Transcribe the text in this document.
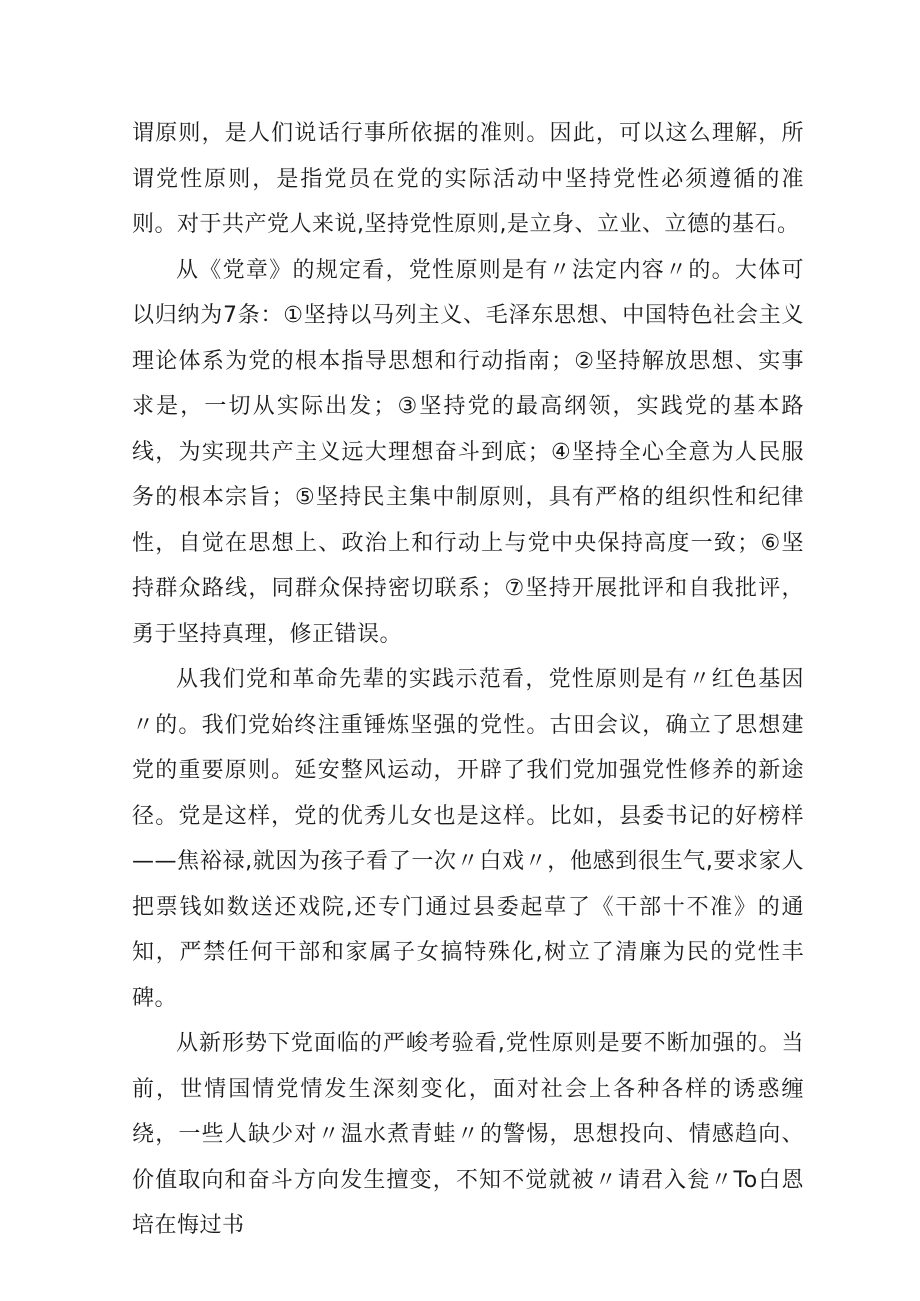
谓原则，是人们说话行事所依据的准则。因此，可以这么理解，所谓党性原则，是指党员在党的实际活动中坚持党性必须遵循的准则。对于共产党人来说,坚持党性原则,是立身、立业、立德的基石。

从《党章》的规定看，党性原则是有〃法定内容〃的。大体可以归纳为7条：①坚持以马列主义、毛泽东思想、中国特色社会主义理论体系为党的根本指导思想和行动指南；②坚持解放思想、实事求是，一切从实际出发；③坚持党的最高纲领，实践党的基本路线，为实现共产主义远大理想奋斗到底；④坚持全心全意为人民服务的根本宗旨；⑤坚持民主集中制原则，具有严格的组织性和纪律性，自觉在思想上、政治上和行动上与党中央保持高度一致；⑥坚持群众路线，同群众保持密切联系；⑦坚持开展批评和自我批评，勇于坚持真理，修正错误。

从我们党和革命先辈的实践示范看，党性原则是有〃红色基因〃的。我们党始终注重锤炼坚强的党性。古田会议，确立了思想建党的重要原则。延安整风运动，开辟了我们党加强党性修养的新途径。党是这样，党的优秀儿女也是这样。比如，县委书记的好榜样——焦裕禄,就因为孩子看了一次〃白戏〃，他感到很生气,要求家人把票钱如数送还戏院,还专门通过县委起草了《干部十不准》的通知，严禁任何干部和家属子女搞特殊化,树立了清廉为民的党性丰碑。

从新形势下党面临的严峻考验看,党性原则是要不断加强的。当前，世情国情党情发生深刻变化，面对社会上各种各样的诱惑缠绕，一些人缺少对〃温水煮青蛙〃的警惕，思想投向、情感趋向、价值取向和奋斗方向发生擅变，不知不觉就被〃请君入瓮〃To白恩培在悔过书
